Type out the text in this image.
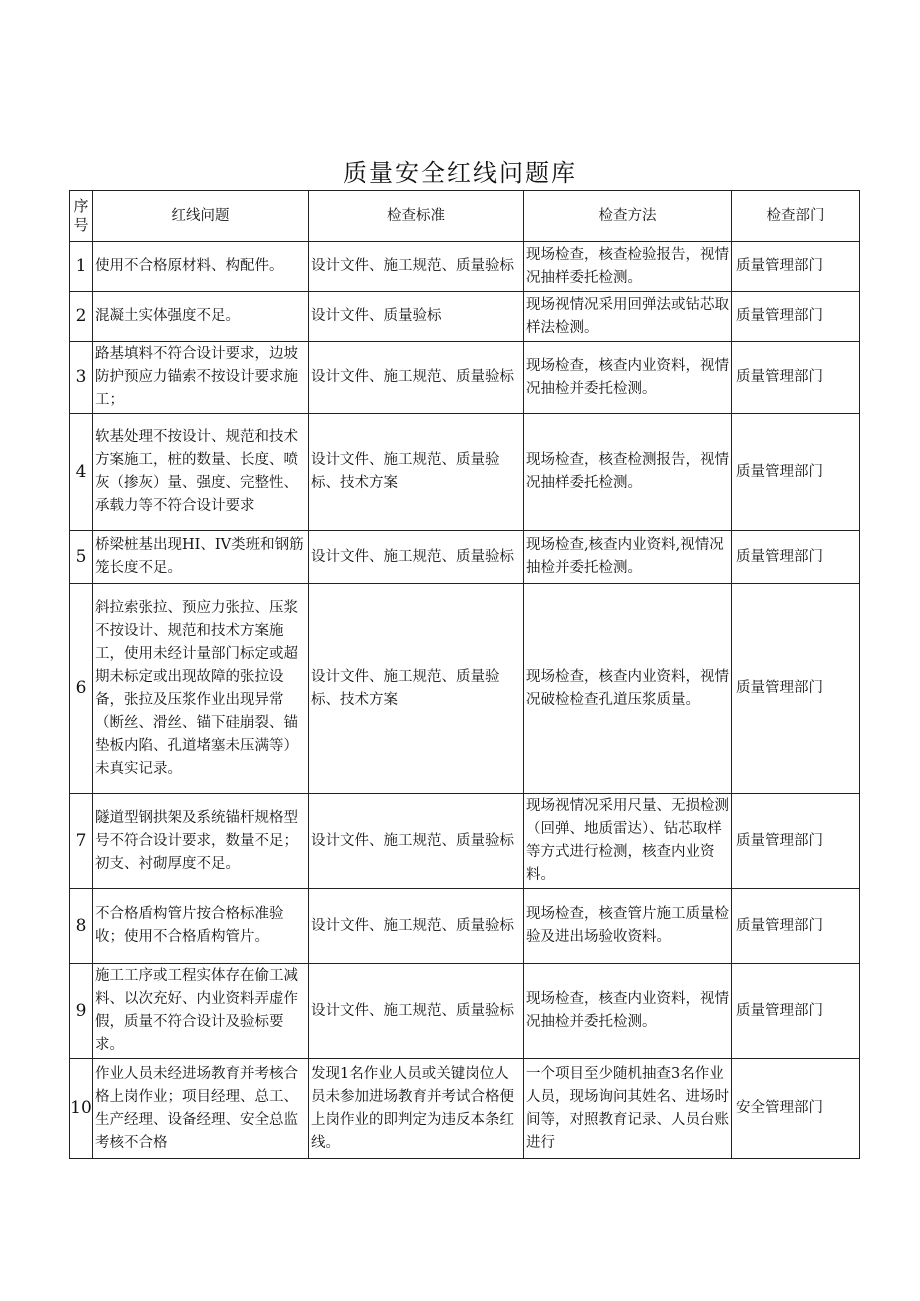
质量安全红线问题库
序号	红线问题	检查标准	检查方法	检查部门
1	使用不合格原材料、构配件。	设计文件、施工规范、质量验标	现场检查，核查检验报告，视情况抽样委托检测。	质量管理部门
2	混凝土实体强度不足。	设计文件、质量验标	现场视情况采用回弹法或钻芯取样法检测。	质量管理部门
3	路基填料不符合设计要求，边坡防护预应力锚索不按设计要求施工；	设计文件、施工规范、质量验标	现场检查，核查内业资料，视情况抽检并委托检测。	质量管理部门
4	软基处理不按设计、规范和技术方案施工，桩的数量、长度、喷灰（掺灰）量、强度、完整性、承载力等不符合设计要求	设计文件、施工规范、质量验标、技术方案	现场检查，核查检测报告，视情况抽样委托检测。	质量管理部门
5	桥梁桩基出现HI、IV类班和钢筋笼长度不足。	设计文件、施工规范、质量验标	现场检查,核查内业资料,视情况抽检并委托检测。	质量管理部门
6	斜拉索张拉、预应力张拉、压浆不按设计、规范和技术方案施工，使用未经计量部门标定或超期未标定或出现故障的张拉设备，张拉及压浆作业出现异常（断丝、滑丝、锚下硅崩裂、锚垫板内陷、孔道堵塞未压满等）未真实记录。	设计文件、施工规范、质量验标、技术方案	现场检查，核查内业资料，视情况破检检查孔道压浆质量。	质量管理部门
7	隧道型钢拱架及系统锚杆规格型号不符合设计要求，数量不足；初支、衬砌厚度不足。	设计文件、施工规范、质量验标	现场视情况采用尺量、无损检测（回弹、地质雷达）、钻芯取样等方式进行检测，核查内业资料。	质量管理部门
8	不合格盾构管片按合格标准验收；使用不合格盾构管片。	设计文件、施工规范、质量验标	现场检查，核查管片施工质量检验及进出场验收资料。	质量管理部门
9	施工工序或工程实体存在偷工减料、以次充好、内业资料弄虚作假，质量不符合设计及验标要求。	设计文件、施工规范、质量验标	现场检查，核查内业资料，视情况抽检并委托检测。	质量管理部门
10	作业人员未经进场教育并考核合格上岗作业；项目经理、总工、生产经理、设备经理、安全总监考核不合格	发现1名作业人员或关键岗位人员未参加进场教育并考试合格便上岗作业的即判定为违反本条红线。	一个项目至少随机抽查3名作业人员，现场询问其姓名、进场时间等，对照教育记录、人员台账进行	安全管理部门
